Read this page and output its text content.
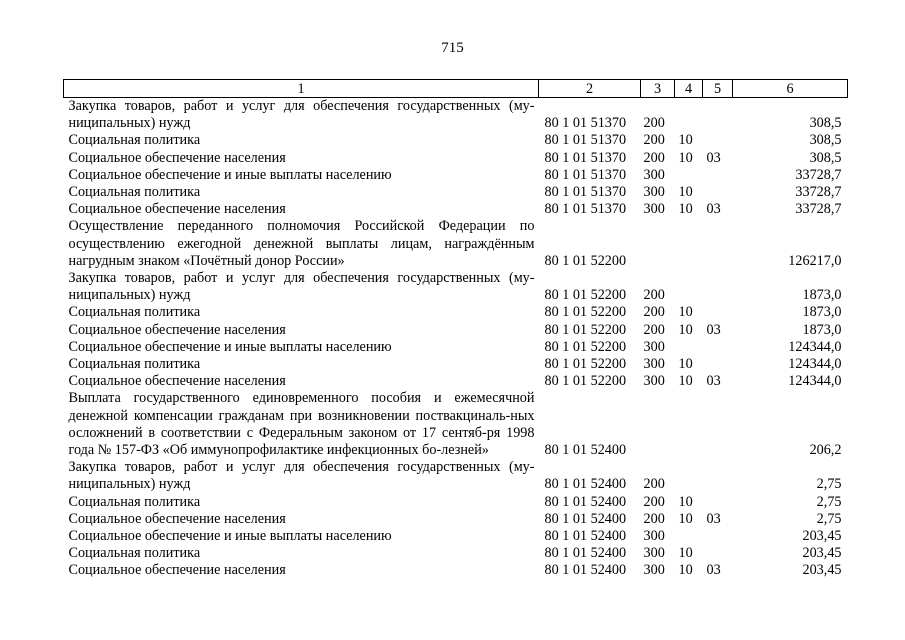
715
1	2	3	4	5	6
Закупка товаров, работ и услуг для обеспечения государственных (му-ниципальных) нужд	80 1 01 51370	200			308,5
Социальная политика	80 1 01 51370	200	10		308,5
Социальное обеспечение населения	80 1 01 51370	200	10	03	308,5
Социальное обеспечение и иные выплаты населению	80 1 01 51370	300			33728,7
Социальная политика	80 1 01 51370	300	10		33728,7
Социальное обеспечение населения	80 1 01 51370	300	10	03	33728,7
Осуществление переданного полномочия Российской Федерации по осуществлению ежегодной денежной выплаты лицам, награждённым нагрудным знаком «Почётный донор России»	80 1 01 52200				126217,0
Закупка товаров, работ и услуг для обеспечения государственных (му-ниципальных) нужд	80 1 01 52200	200			1873,0
Социальная политика	80 1 01 52200	200	10		1873,0
Социальное обеспечение населения	80 1 01 52200	200	10	03	1873,0
Социальное обеспечение и иные выплаты населению	80 1 01 52200	300			124344,0
Социальная политика	80 1 01 52200	300	10		124344,0
Социальное обеспечение населения	80 1 01 52200	300	10	03	124344,0
Выплата государственного единовременного пособия и ежемесячной денежной компенсации гражданам при возникновении поствакциналь-ных осложнений в соответствии с Федеральным законом от 17 сентяб-ря 1998 года № 157-ФЗ «Об иммунопрофилактике инфекционных бо-лезней»	80 1 01 52400				206,2
Закупка товаров, работ и услуг для обеспечения государственных (му-ниципальных) нужд	80 1 01 52400	200			2,75
Социальная политика	80 1 01 52400	200	10		2,75
Социальное обеспечение населения	80 1 01 52400	200	10	03	2,75
Социальное обеспечение и иные выплаты населению	80 1 01 52400	300			203,45
Социальная политика	80 1 01 52400	300	10		203,45
Социальное обеспечение населения	80 1 01 52400	300	10	03	203,45
